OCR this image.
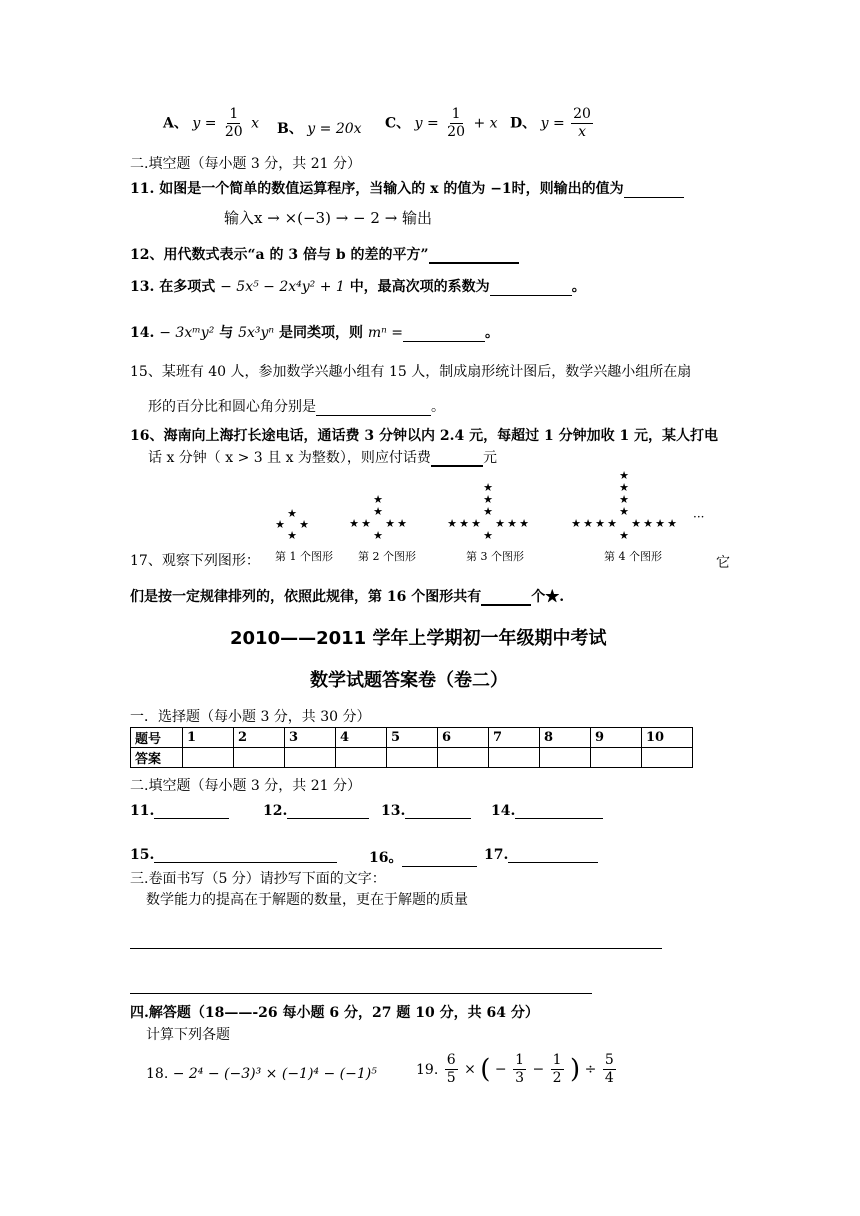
A、 $y = \frac{1}{20}$ x B、 y = 20x C、 $y = \frac{1}{20} + x$ D、 $y = \frac{20}{x}$
二.填空题（每小题 3 分，共 21 分）
11. 如图是一个简单的数值运算程序，当输入的 x 的值为 −1时，则输出的值为
输入x → ×(−3) → − 2 → 输出
12、用代数式表示“a 的 3 倍与 b 的差的平方”
13. 在多项式 − 5x⁵ − 2x⁴y² + 1 中，最高次项的系数为	。
14. − 3xᵐy² 与 5x³yⁿ 是同类项，则 mⁿ =	。
15、某班有 40 人，参加数学兴趣小组有 15 人，制成扇形统计图后，数学兴趣小组所在扇
形的百分比和圆心角分别是	。
16、海南向上海打长途电话，通话费 3 分钟以内 2.4 元，每超过 1 分钟加收 1 元，某人打电
话 x 分钟（ x > 3 且 x 为整数），则应付话费	元
17、观察下列图形：
★
★ ★
★
★
★
★ ★ ★ ★
★
★
★
★
★ ★ ★ ★ ★ ★
★
★
★
★
★
★ ★ ★ ★ ★ ★ ★ ★
★
···
第 1 个图形 第 2 个图形	第 3 个图形	第 4 个图形	它
们是按一定规律排列的，依照此规律，第 16 个图形共有	个★.
2010——2011 学年上学期初一年级期中考试
数学试题答案卷（卷二）
一．选择题（每小题 3 分，共 30 分）
题号	1	2	3	4	5	6	7	8	9	10
答案										
二.填空题（每小题 3 分，共 21 分）
11.	12.	13.	14.
15.	16。	17.
三.卷面书写（5 分）请抄写下面的文字：
数学能力的提高在于解题的数量，更在于解题的质量
四.解答题（18——-26 每小题 6 分，27 题 10 分，共 64 分）
计算下列各题
18. − 2⁴ − (−3)³ × (−1)⁴ − (−1)⁵	19. $\frac{6}{5}$ × ( − $\frac{1}{3} - \frac{1}{2}$ ) ÷ $\frac{5}{4}$
